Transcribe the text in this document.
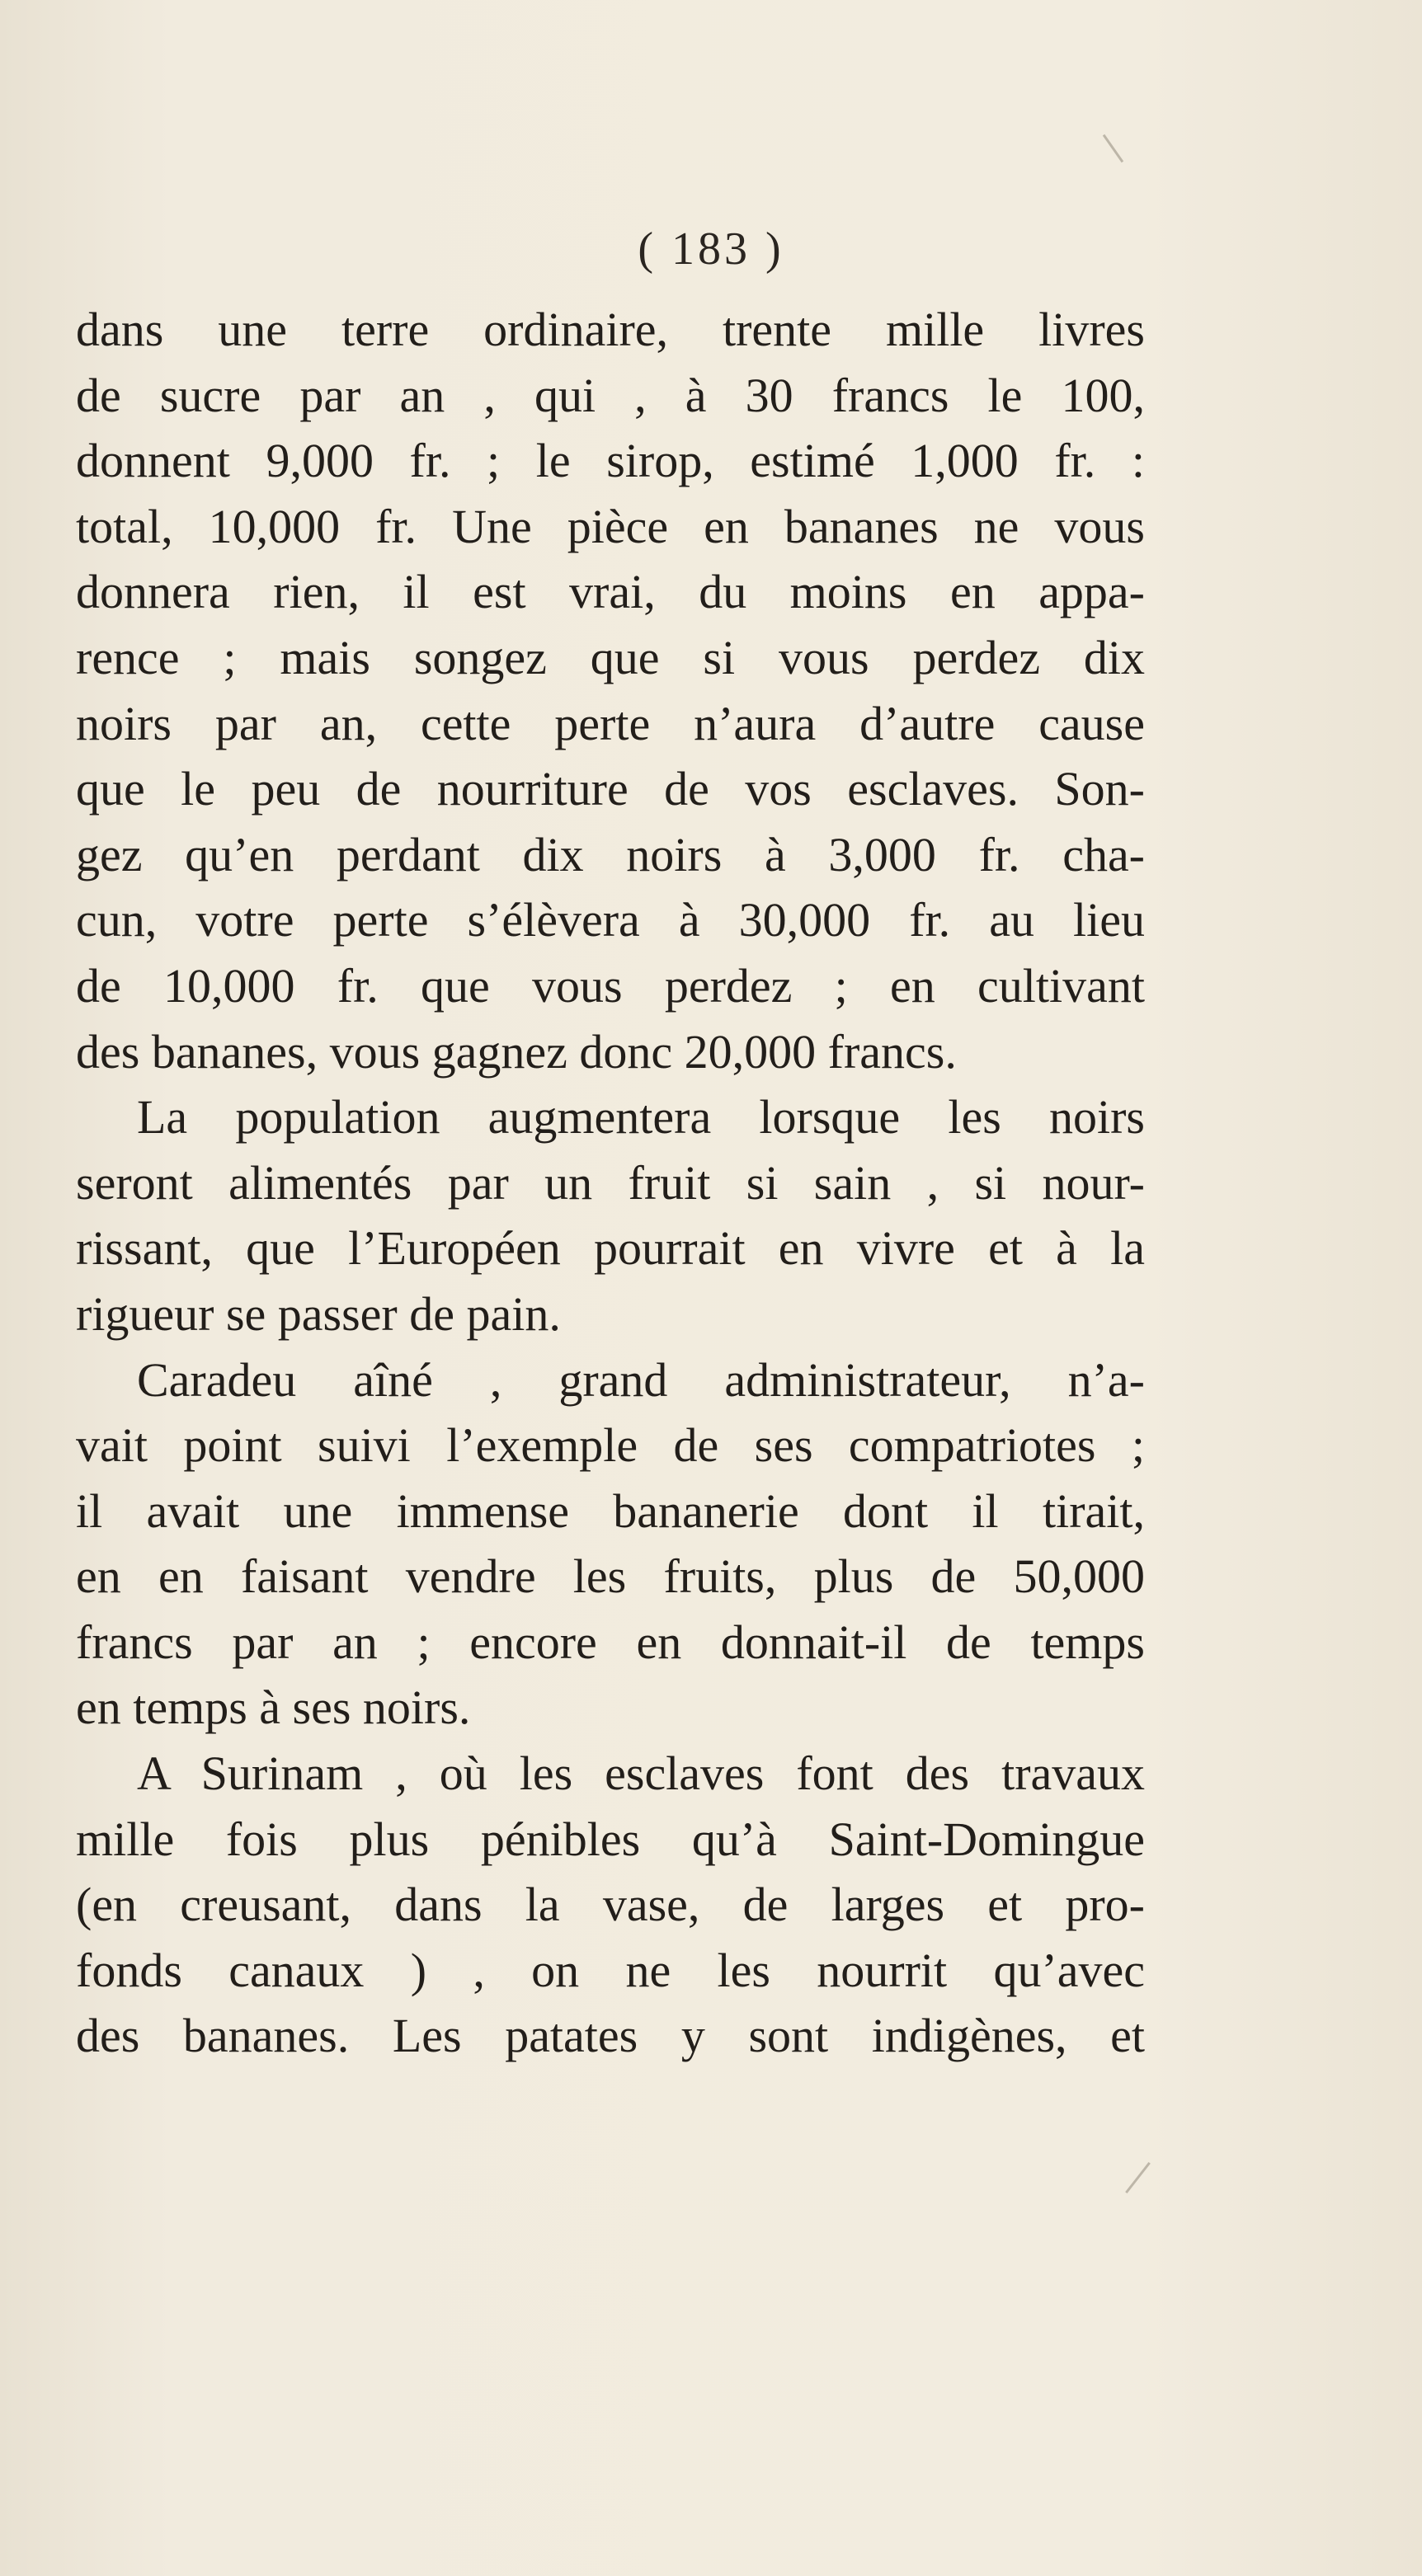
( 183 )
dans une terre ordinaire, trente mille livres
de sucre par an , qui , à 30 francs le 100,
donnent 9,000 fr. ; le sirop, estimé 1,000 fr. :
total, 10,000 fr. Une pièce en bananes ne vous
donnera rien, il est vrai, du moins en appa-
rence ; mais songez que si vous perdez dix
noirs par an, cette perte n’aura d’autre cause
que le peu de nourriture de vos esclaves. Son-
gez qu’en perdant dix noirs à 3,000 fr. cha-
cun, votre perte s’élèvera à 30,000 fr. au lieu
de 10,000 fr. que vous perdez ; en cultivant
des bananes, vous gagnez donc 20,000 francs.
La population augmentera lorsque les noirs
seront alimentés par un fruit si sain , si nour-
rissant, que l’Européen pourrait en vivre et à la
rigueur se passer de pain.
Caradeu aîné , grand administrateur, n’a-
vait point suivi l’exemple de ses compatriotes ;
il avait une immense bananerie dont il tirait,
en en faisant vendre les fruits, plus de 50,000
francs par an ; encore en donnait-il de temps
en temps à ses noirs.
A Surinam , où les esclaves font des travaux
mille fois plus pénibles qu’à Saint-Domingue
(en creusant, dans la vase, de larges et pro-
fonds canaux ) , on ne les nourrit qu’avec
des bananes. Les patates y sont indigènes, et
